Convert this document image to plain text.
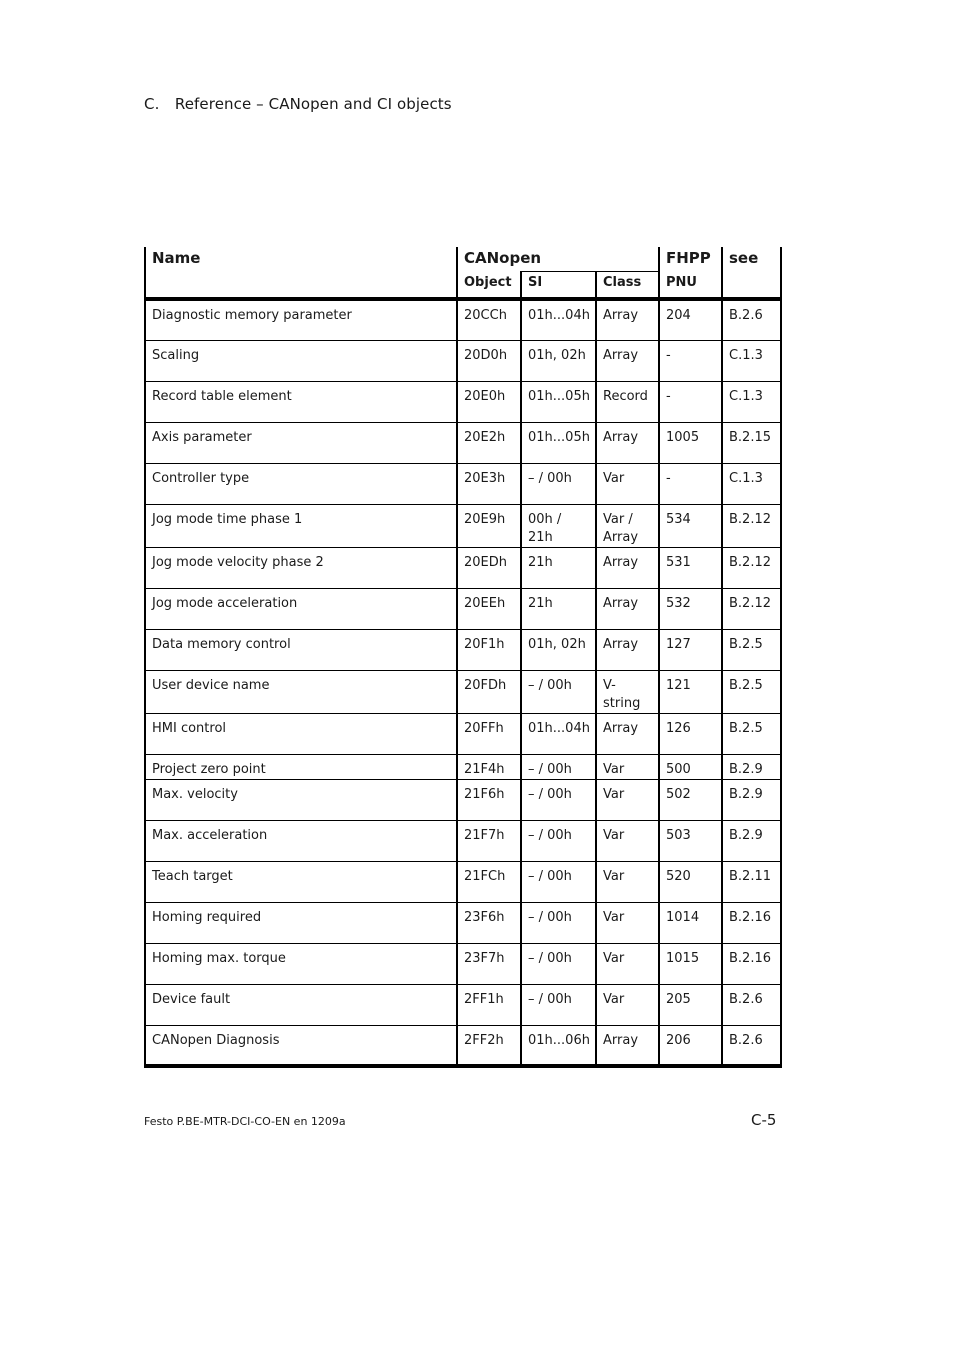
C. Reference – CANopen and CI objects
Name	CANopen			FHPP	see
	Object	SI	Class	PNU	
Diagnostic memory parameter	20CCh	01h...04h	Array	204	B.2.6
Scaling	20D0h	01h, 02h	Array	-	C.1.3
Record table element	20E0h	01h...05h	Record	-	C.1.3
Axis parameter	20E2h	01h...05h	Array	1005	B.2.15
Controller type	20E3h	– / 00h	Var	-	C.1.3
Jog mode time phase 1	20E9h	00h / 21h	Var / Array	534	B.2.12
Jog mode velocity phase 2	20EDh	21h	Array	531	B.2.12
Jog mode acceleration	20EEh	21h	Array	532	B.2.12
Data memory control	20F1h	01h, 02h	Array	127	B.2.5
User device name	20FDh	– / 00h	V-string	121	B.2.5
HMI control	20FFh	01h...04h	Array	126	B.2.5
Project zero point	21F4h	– / 00h	Var	500	B.2.9
Max. velocity	21F6h	– / 00h	Var	502	B.2.9
Max. acceleration	21F7h	– / 00h	Var	503	B.2.9
Teach target	21FCh	– / 00h	Var	520	B.2.11
Homing required	23F6h	– / 00h	Var	1014	B.2.16
Homing max. torque	23F7h	– / 00h	Var	1015	B.2.16
Device fault	2FF1h	– / 00h	Var	205	B.2.6
CANopen Diagnosis	2FF2h	01h...06h	Array	206	B.2.6
Festo P.BE-MTR-DCI-CO-EN en 1209a	C-5
